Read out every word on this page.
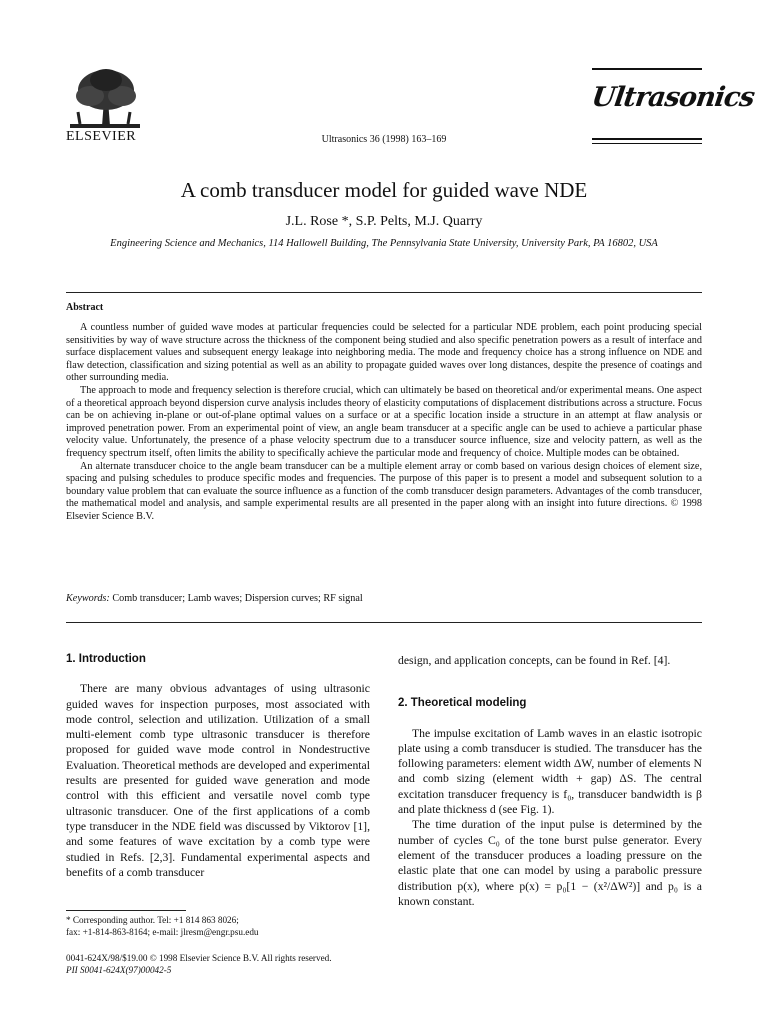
ELSEVIER	Ultrasonics 36 (1998) 163–169
Ultrasonics
A comb transducer model for guided wave NDE
J.L. Rose *, S.P. Pelts, M.J. Quarry
Engineering Science and Mechanics, 114 Hallowell Building, The Pennsylvania State University, University Park, PA 16802, USA
Abstract

A countless number of guided wave modes at particular frequencies could be selected for a particular NDE problem, each point producing special sensitivities by way of wave structure across the thickness of the component being studied and also specific penetration powers as a result of interface and surface displacement values and subsequent energy leakage into neighboring media. The mode and frequency choice has a strong influence on NDE and flaw detection, classification and sizing potential as well as an ability to propagate guided waves over long distances, despite the presence of coatings and other surrounding media.

The approach to mode and frequency selection is therefore crucial, which can ultimately be based on theoretical and/or experimental means. One aspect of a theoretical approach beyond dispersion curve analysis includes theory of elasticity computations of displacement distributions across a structure. Focus can be on achieving in-plane or out-of-plane optimal values on a surface or at a specific location inside a structure in an attempt at flaw analysis or improved penetration power. From an experimental point of view, an angle beam transducer at a specific angle can be used to achieve a particular phase velocity value. Unfortunately, the presence of a phase velocity spectrum due to a transducer source influence, size and velocity pattern, as well as the frequency spectrum itself, often limits the ability to specifically achieve the particular mode and frequency of choice. Multiple modes can be obtained.

An alternate transducer choice to the angle beam transducer can be a multiple element array or comb based on various design choices of element size, spacing and pulsing schedules to produce specific modes and frequencies. The purpose of this paper is to present a model and subsequent solution to a boundary value problem that can evaluate the source influence as a function of the comb transducer design parameters. Advantages of the comb transducer, the mathematical model and analysis, and sample experimental results are all presented in the paper along with an insight into future directions. © 1998 Elsevier Science B.V.

Keywords: Comb transducer; Lamb waves; Dispersion curves; RF signal
1. Introduction

There are many obvious advantages of using ultrasonic guided waves for inspection purposes, most associated with mode control, selection and utilization. Utilization of a small multi-element comb type ultrasonic transducer is therefore proposed for guided wave mode control in Nondestructive Evaluation. Theoretical methods are developed and experimental results are presented for guided wave generation and mode control with this efficient and versatile novel comb type ultrasonic transducer. One of the first applications of a comb type transducer in the NDE field was discussed by Viktorov [1], and some features of wave excitation by a comb type were studied in Refs. [2,3]. Fundamental experimental aspects and benefits of a comb transducer

* Corresponding author. Tel: +1 814 863 8026;
fax: +1-814-863-8164; e-mail: jlresm@engr.psu.edu
0041-624X/98/$19.00 © 1998 Elsevier Science B.V. All rights reserved.
PII S0041-624X(97)00042-5

design, and application concepts, can be found in Ref. [4].

2. Theoretical modeling

The impulse excitation of Lamb waves in an elastic isotropic plate using a comb transducer is studied. The transducer has the following parameters: element width ΔW, number of elements N and comb sizing (element width + gap) ΔS. The central excitation transducer frequency is f₀, transducer bandwidth is β and plate thickness d (see Fig. 1).

The time duration of the input pulse is determined by the number of cycles C₀ of the tone burst pulse generator. Every element of the transducer produces a loading pressure on the elastic plate that one can model by using a parabolic pressure distribution p(x), where p(x) = p₀[1 − (x²/ΔW²)] and p₀ is a known constant.
